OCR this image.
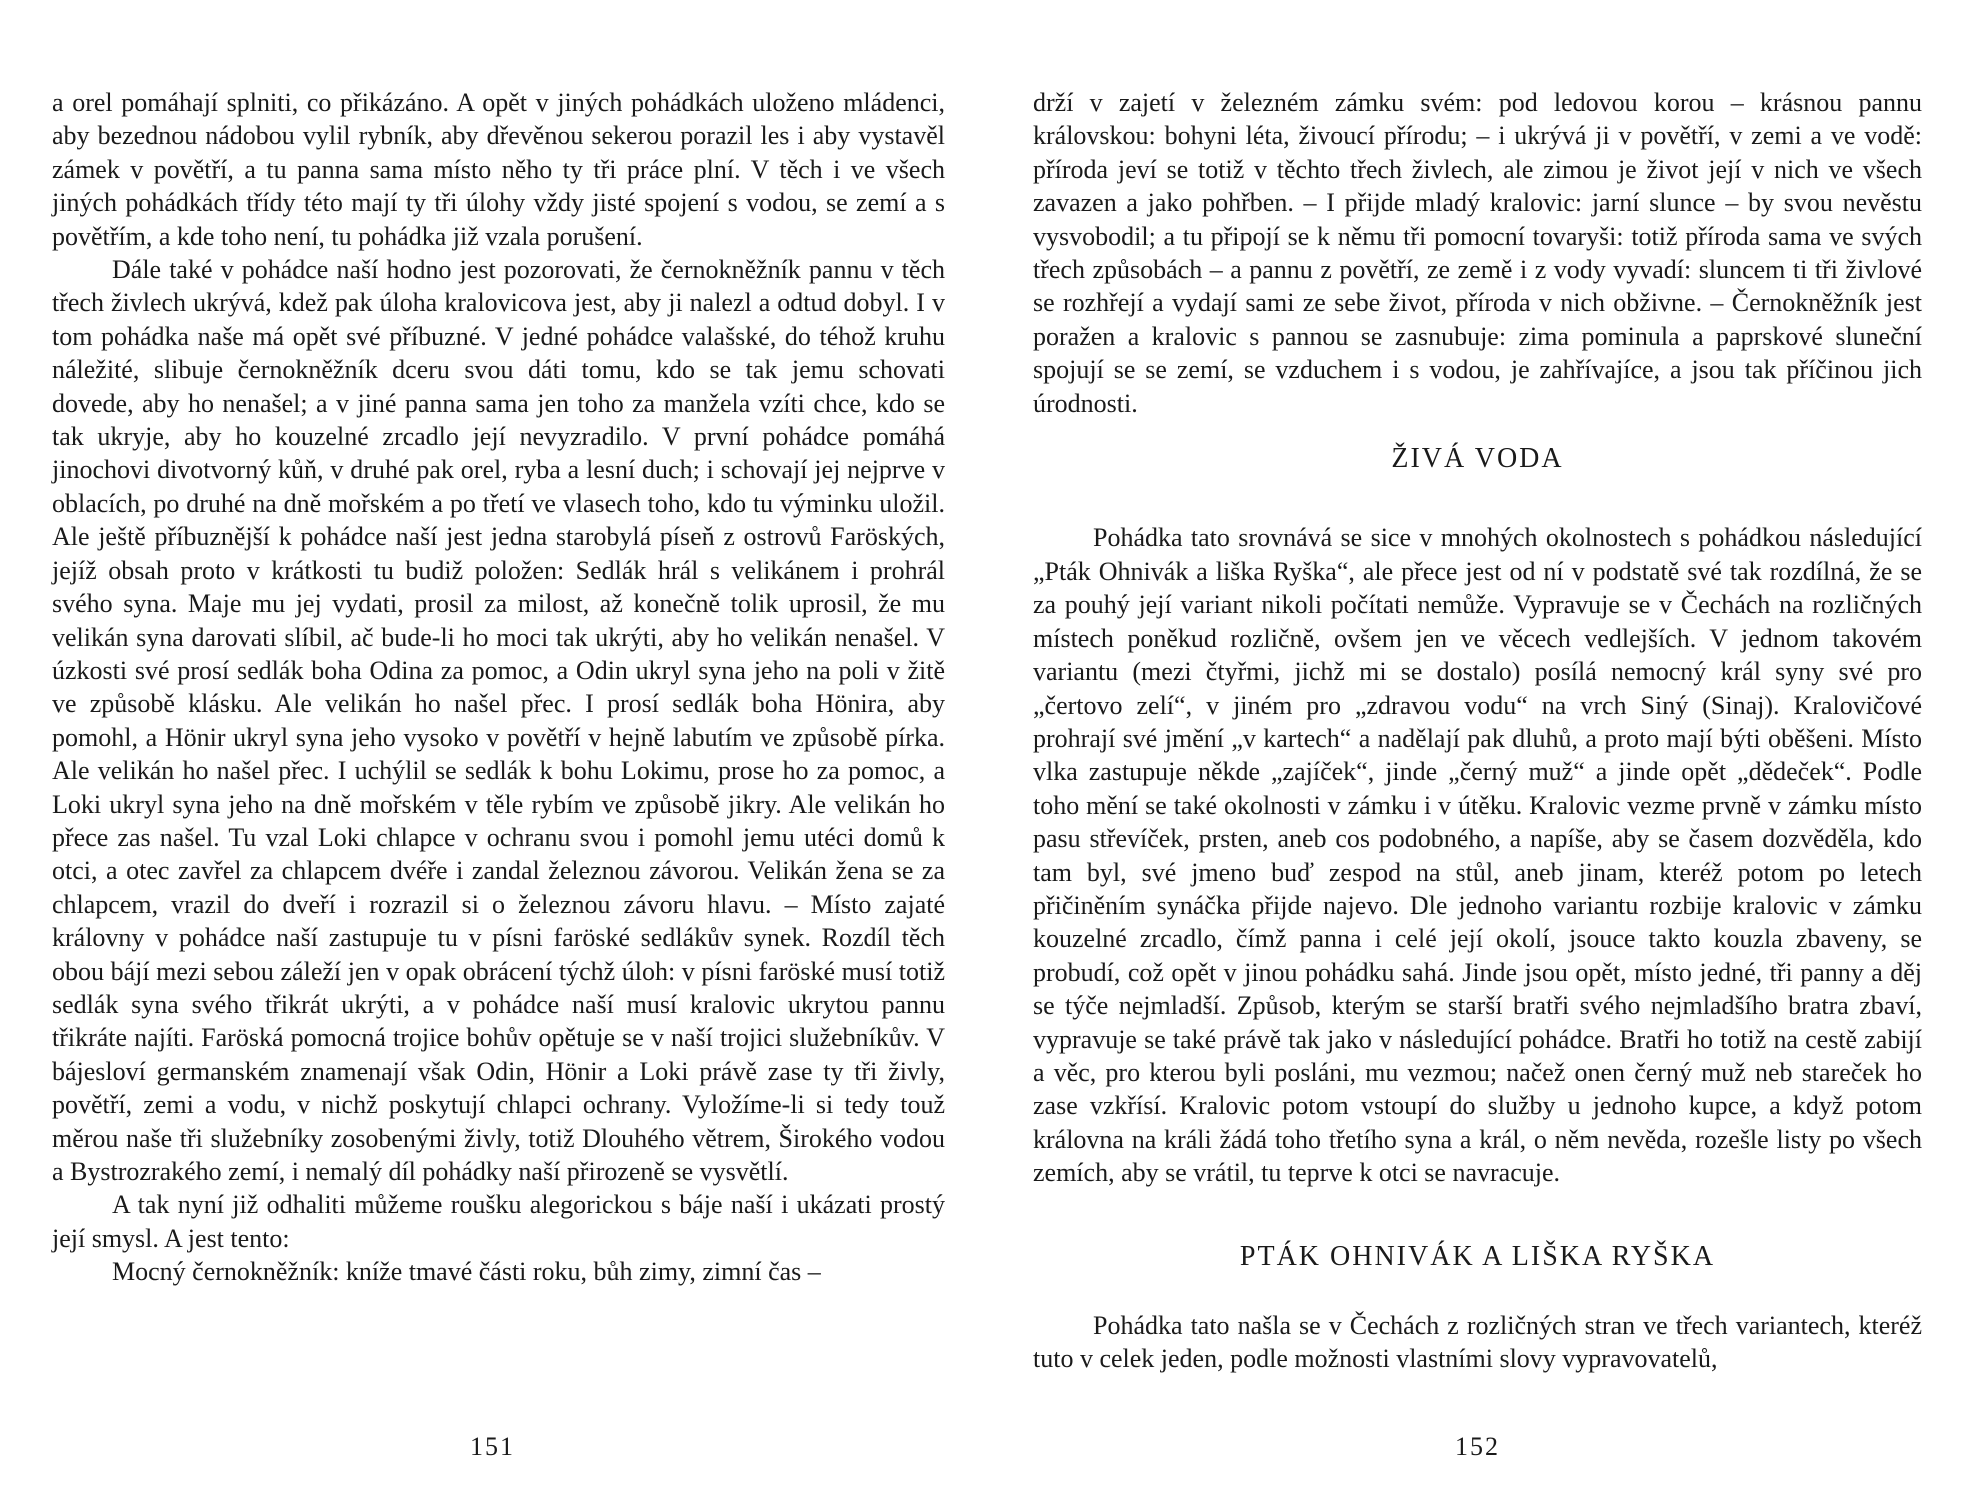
a orel pomáhají splniti, co přikázáno. A opět v jiných pohádkách uloženo mládenci, aby bezednou nádobou vylil rybník, aby dřevěnou sekerou porazil les i aby vystavěl zámek v povětří, a tu panna sama místo něho ty tři práce plní. V těch i ve všech jiných pohádkách třídy této mají ty tři úlohy vždy jisté spojení s vodou, se zemí a s povětřím, a kde toho není, tu pohádka již vzala porušení.

Dále také v pohádce naší hodno jest pozorovati, že černokněžník pannu v těch třech živlech ukrývá, kdež pak úloha kralovicova jest, aby ji nalezl a odtud dobyl. I v tom pohádka naše má opět své příbuzné. V jedné pohádce valašské, do téhož kruhu náležité, slibuje černokněžník dceru svou dáti tomu, kdo se tak jemu schovati dovede, aby ho nenašel; a v jiné panna sama jen toho za manžela vzíti chce, kdo se tak ukryje, aby ho kouzelné zrcadlo její nevyzradilo. V první pohádce pomáhá jinochovi divotvorný kůň, v druhé pak orel, ryba a lesní duch; i schovají jej nejprve v oblacích, po druhé na dně mořském a po třetí ve vlasech toho, kdo tu výminku uložil. Ale ještě příbuznější k pohádce naší jest jedna starobylá píseň z ostrovů Faröských, jejíž obsah proto v krátkosti tu budiž položen: Sedlák hrál s velikánem i prohrál svého syna. Maje mu jej vydati, prosil za milost, až konečně tolik uprosil, že mu velikán syna darovati slíbil, ač bude-li ho moci tak ukrýti, aby ho velikán nenašel. V úzkosti své prosí sedlák boha Odina za pomoc, a Odin ukryl syna jeho na poli v žitě ve způsobě klásku. Ale velikán ho našel přec. I prosí sedlák boha Hönira, aby pomohl, a Hönir ukryl syna jeho vysoko v povětří v hejně labutím ve způsobě pírka. Ale velikán ho našel přec. I uchýlil se sedlák k bohu Lokimu, prose ho za pomoc, a Loki ukryl syna jeho na dně mořském v těle rybím ve způsobě jikry. Ale velikán ho přece zas našel. Tu vzal Loki chlapce v ochranu svou i pomohl jemu utéci domů k otci, a otec zavřel za chlapcem dvéře i zandal železnou závorou. Velikán žena se za chlapcem, vrazil do dveří i rozrazil si o železnou závoru hlavu. – Místo zajaté královny v pohádce naší zastupuje tu v písni faröské sedlákův synek. Rozdíl těch obou bájí mezi sebou záleží jen v opak obrácení týchž úloh: v písni faröské musí totiž sedlák syna svého třikrát ukrýti, a v pohádce naší musí kralovic ukrytou pannu třikráte najíti. Faröská pomocná trojice bohův opětuje se v naší trojici služebníkův. V bájesloví germanském znamenají však Odin, Hönir a Loki právě zase ty tři živly, povětří, zemi a vodu, v nichž poskytují chlapci ochrany. Vyložíme-li si tedy touž měrou naše tři služebníky zosobenými živly, totiž Dlouhého větrem, Širokého vodou a Bystrozrakého zemí, i nemalý díl pohádky naší přirozeně se vysvětlí.

A tak nyní již odhaliti můžeme roušku alegorickou s báje naší i ukázati prostý její smysl. A jest tento:

Mocný černokněžník: kníže tmavé části roku, bůh zimy, zimní čas –

151

drží v zajetí v železném zámku svém: pod ledovou korou – krásnou pannu královskou: bohyni léta, živoucí přírodu; – i ukrývá ji v povětří, v zemi a ve vodě: příroda jeví se totiž v těchto třech živlech, ale zimou je život její v nich ve všech zavazen a jako pohřben. – I přijde mladý kralovic: jarní slunce – by svou nevěstu vysvobodil; a tu připojí se k němu tři pomocní tovaryši: totiž příroda sama ve svých třech způsobách – a pannu z povětří, ze země i z vody vyvadí: sluncem ti tři živlové se rozhřejí a vydají sami ze sebe život, příroda v nich obživne. – Černokněžník jest poražen a kralovic s pannou se zasnubuje: zima pominula a paprskové sluneční spojují se se zemí, se vzduchem i s vodou, je zahřívajíce, a jsou tak příčinou jich úrodnosti.

ŽIVÁ VODA

Pohádka tato srovnává se sice v mnohých okolnostech s pohádkou následující „Pták Ohnivák a liška Ryška“, ale přece jest od ní v podstatě své tak rozdílná, že se za pouhý její variant nikoli počítati nemůže. Vypravuje se v Čechách na rozličných místech poněkud rozličně, ovšem jen ve věcech vedlejších. V jednom takovém variantu (mezi čtyřmi, jichž mi se dostalo) posílá nemocný král syny své pro „čertovo zelí“, v jiném pro „zdravou vodu“ na vrch Siný (Sinaj). Kralovičové prohrají své jmění „v kartech“ a nadělají pak dluhů, a proto mají býti oběšeni. Místo vlka zastupuje někde „zajíček“, jinde „černý muž“ a jinde opět „dědeček“. Podle toho mění se také okolnosti v zámku i v útěku. Kralovic vezme prvně v zámku místo pasu střevíček, prsten, aneb cos podobného, a napíše, aby se časem dozvěděla, kdo tam byl, své jmeno buď zespod na stůl, aneb jinam, kteréž potom po letech přičiněním synáčka přijde najevo. Dle jednoho variantu rozbije kralovic v zámku kouzelné zrcadlo, čímž panna i celé její okolí, jsouce takto kouzla zbaveny, se probudí, což opět v jinou pohádku sahá. Jinde jsou opět, místo jedné, tři panny a děj se týče nejmladší. Způsob, kterým se starší bratři svého nejmladšího bratra zbaví, vypravuje se také právě tak jako v následující pohádce. Bratři ho totiž na cestě zabijí a věc, pro kterou byli posláni, mu vezmou; načež onen černý muž neb stareček ho zase vzkřísí. Kralovic potom vstoupí do služby u jednoho kupce, a když potom královna na králi žádá toho třetího syna a král, o něm nevěda, rozešle listy po všech zemích, aby se vrátil, tu teprve k otci se navracuje.

PTÁK OHNIVÁK A LIŠKA RYŠKA

Pohádka tato našla se v Čechách z rozličných stran ve třech variantech, kteréž tuto v celek jeden, podle možnosti vlastními slovy vypravovatelů,

152
